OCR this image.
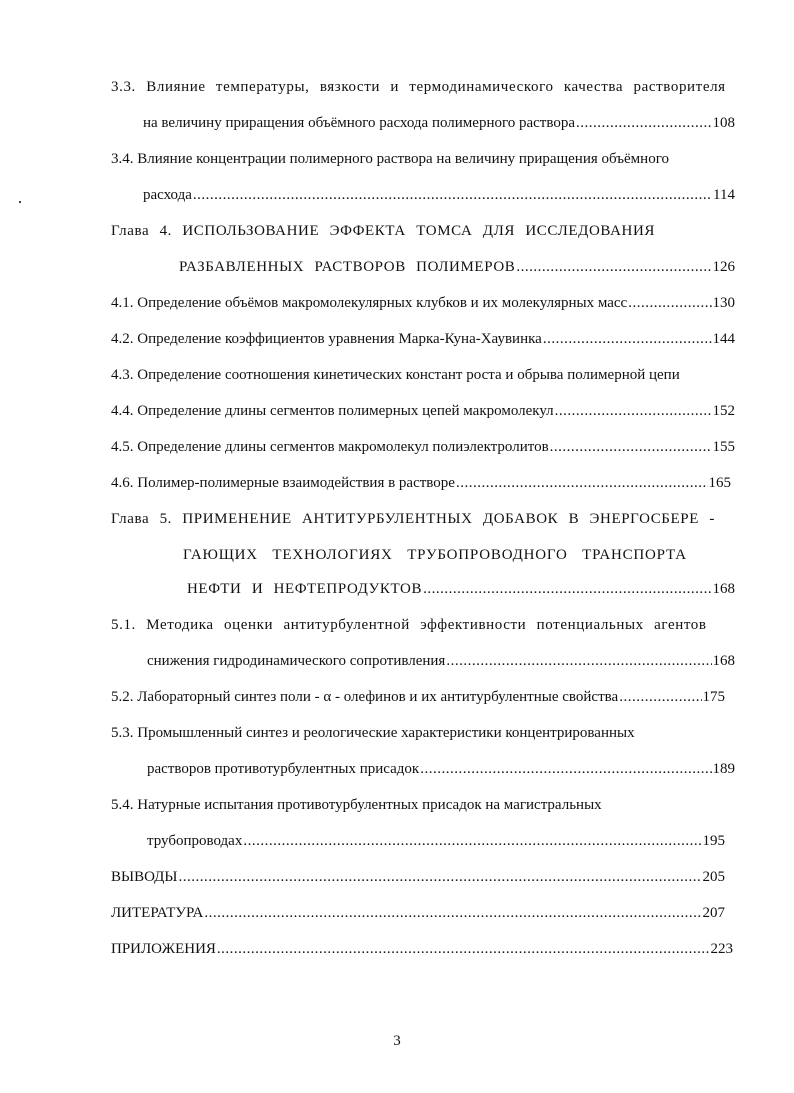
3.3. Влияние температуры, вязкости и термодинамического качества растворителя
на величину приращения объёмного расхода полимерного раствора .....	108
3.4. Влияние концентрации полимерного раствора на величину приращения объёмного
расхода .....	114
Глава 4. ИСПОЛЬЗОВАНИЕ ЭФФЕКТА ТОМСА ДЛЯ ИССЛЕДОВАНИЯ
РАЗБАВЛЕННЫХ РАСТВОРОВ ПОЛИМЕРОВ .....	126
4.1. Определение объёмов макромолекулярных клубков и их молекулярных масс .....	130
4.2. Определение коэффициентов уравнения Марка-Куна-Хаувинка .....	144
4.3. Определение соотношения кинетических констант роста и обрыва полимерной цепи
4.4. Определение длины сегментов полимерных цепей макромолекул .....	152
4.5. Определение длины сегментов макромолекул полиэлектролитов .....	155
4.6. Полимер-полимерные взаимодействия в растворе .....	165
Глава 5. ПРИМЕНЕНИЕ АНТИТУРБУЛЕНТНЫХ ДОБАВОК В ЭНЕРГОСБЕРЕ -
ГАЮЩИХ ТЕХНОЛОГИЯХ ТРУБОПРОВОДНОГО ТРАНСПОРТА
НЕФТИ И НЕФТЕПРОДУКТОВ .....	168
5.1. Методика оценки антитурбулентной эффективности потенциальных агентов
снижения гидродинамического сопротивления .....	168
5.2. Лабораторный синтез поли - α - олефинов и их антитурбулентные свойства .....	175
5.3. Промышленный синтез и реологические характеристики концентрированных
растворов противотурбулентных присадок .....	189
5.4. Натурные испытания противотурбулентных присадок на магистральных
трубопроводах .....	195
ВЫВОДЫ .....	205
ЛИТЕРАТУРА .....	207
ПРИЛОЖЕНИЯ .....	223
3
